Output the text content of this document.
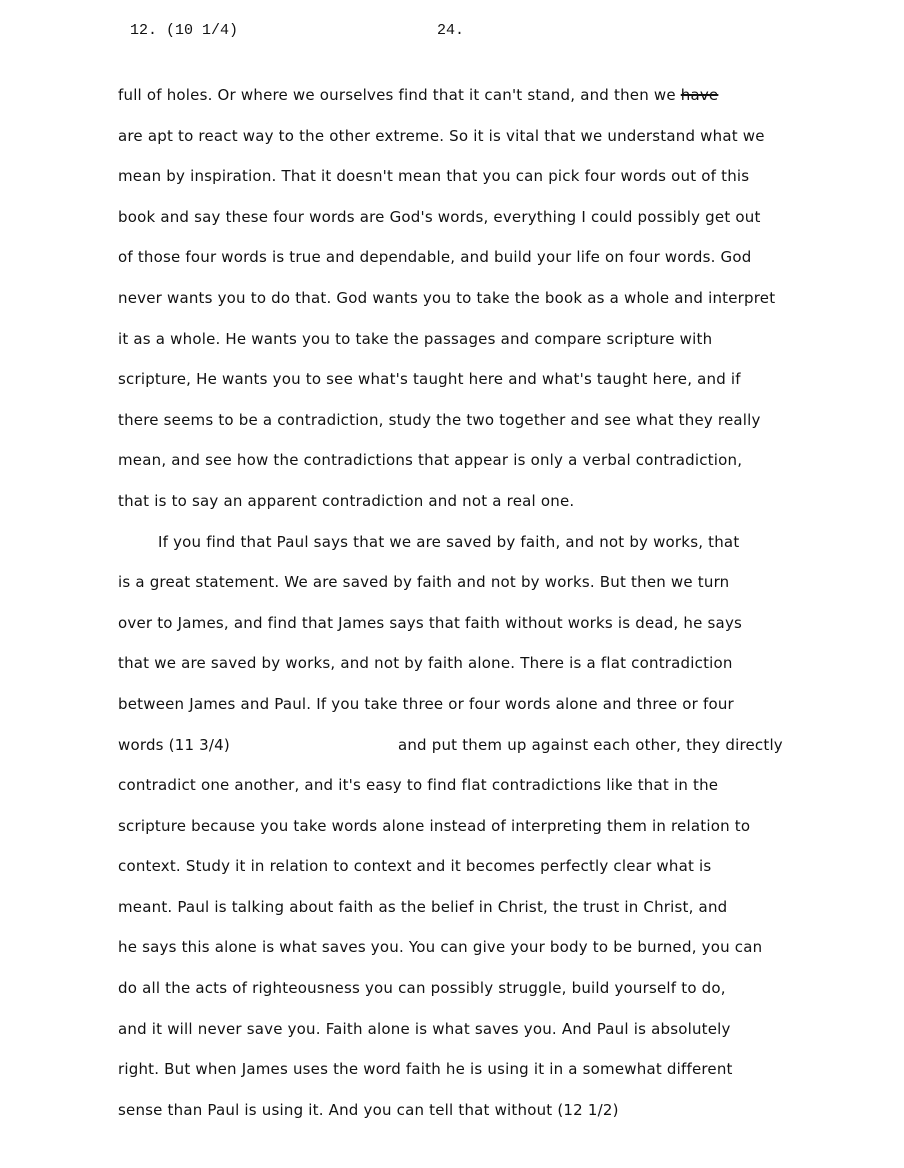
12. (10 1/4)	24.
full of holes. Or where we ourselves find that it can't stand, and then we have
are apt to react way to the other extreme. So it is vital that we understand what we
mean by inspiration. That it doesn't mean that you can pick four words out of this
book and say these four words are God's words, everything I could possibly get out
of those four words is true and dependable, and build your life on four words. God
never wants you to do that. God wants you to take the book as a whole and interpret
it as a whole. He wants you to take the passages and compare scripture with
scripture, He wants you to see what's taught here and what's taught here, and if
there seems to be a contradiction, study the two together and see what they really
mean, and see how the contradictions that appear is only a verbal contradiction,
that is to say an apparent contradiction and not a real one.
If you find that Paul says that we are saved by faith, and not by works, that
is a great statement. We are saved by faith and not by works. But then we turn
over to James, and find that James says that faith without works is dead, he says
that we are saved by works, and not by faith alone. There is a flat contradiction
between James and Paul. If you take three or four words alone and three or four
words (11 3/4)	and put them up against each other, they directly
contradict one another, and it's easy to find flat contradictions like that in the
scripture because you take words alone instead of interpreting them in relation to
context. Study it in relation to context and it becomes perfectly clear what is
meant. Paul is talking about faith as the belief in Christ, the trust in Christ, and
he says this alone is what saves you. You can give your body to be burned, you can
do all the acts of righteousness you can possibly struggle, build yourself to do,
and it will never save you. Faith alone is what saves you. And Paul is absolutely
right. But when James uses the word faith he is using it in a somewhat different
sense than Paul is using it. And you can tell that without (12 1/2)
